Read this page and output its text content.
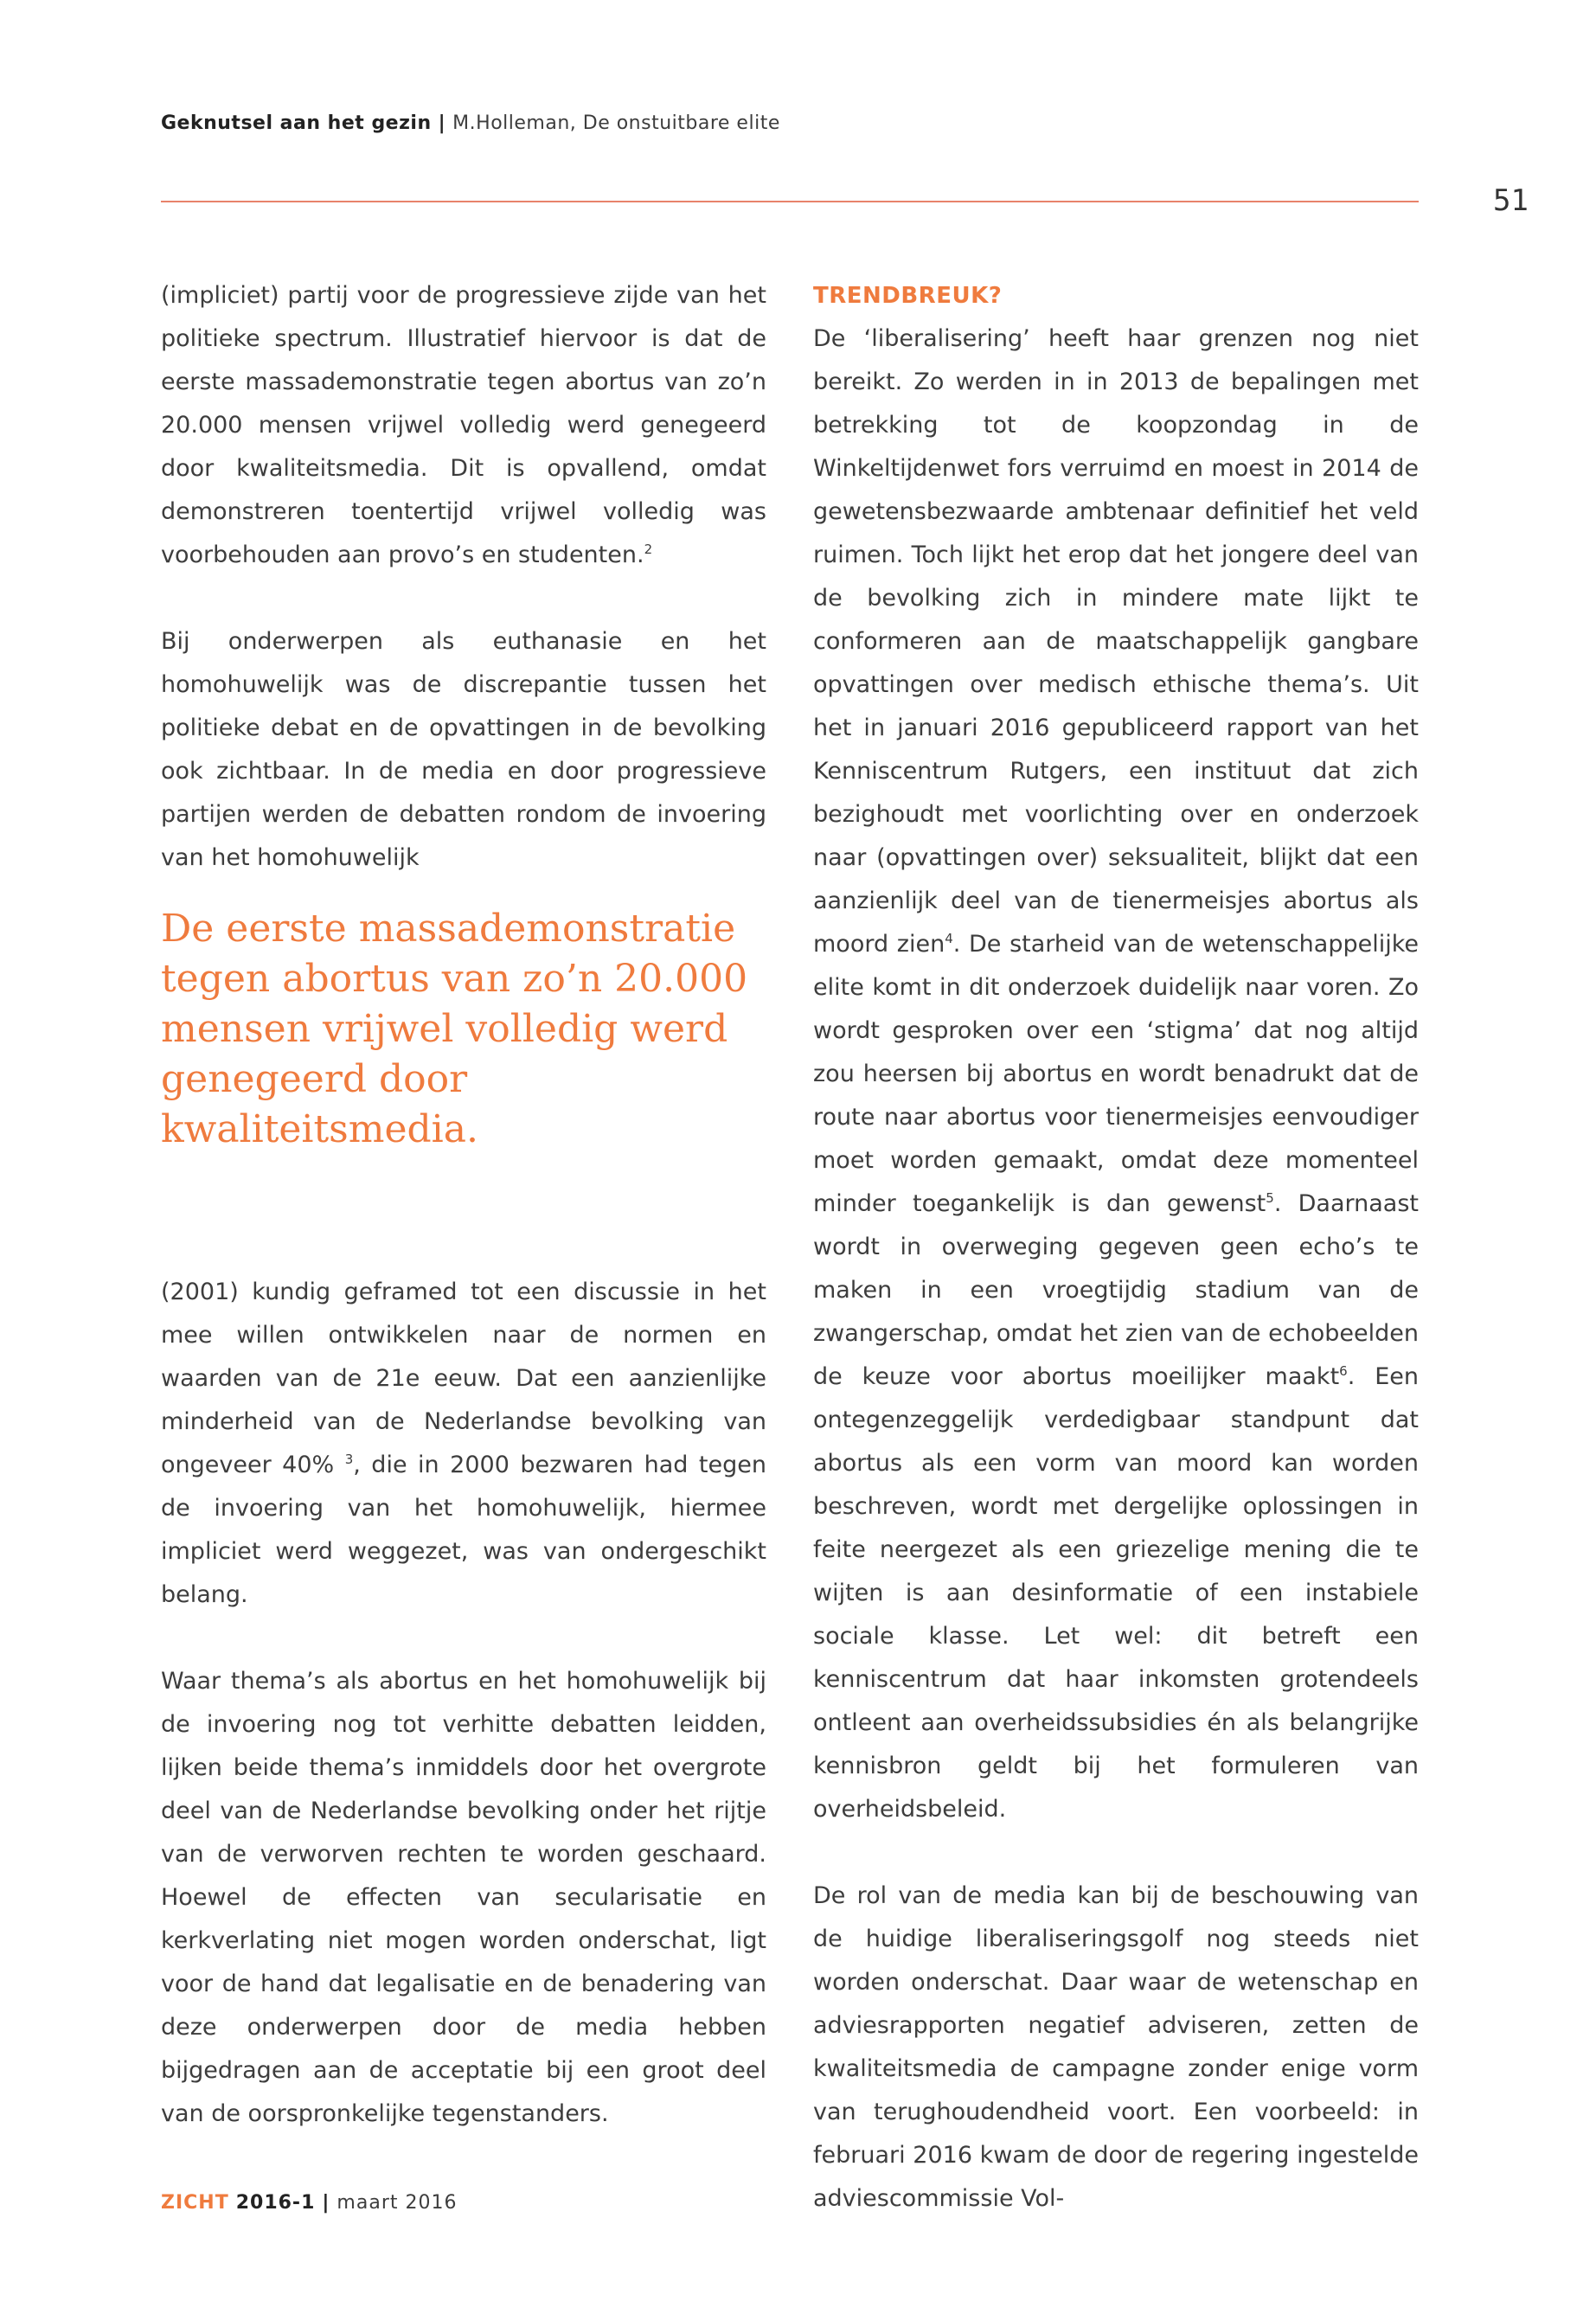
Geknutsel aan het gezin | M.Holleman, De onstuitbare elite
51

(impliciet) partij voor de progressieve zijde van het politieke spectrum. Illustratief hiervoor is dat de eerste massademonstratie tegen abortus van zo’n 20.000 mensen vrijwel volledig werd genegeerd door kwaliteitsmedia. Dit is opvallend, omdat demonstreren toentertijd vrijwel volledig was voorbehouden aan provo’s en studenten.$^2$

Bij onderwerpen als euthanasie en het homohuwelijk was de discrepantie tussen het politieke debat en de opvattingen in de bevolking ook zichtbaar. In de media en door progressieve partijen werden de debatten rondom de invoering van het homohuwelijk

De eerste massademonstratie tegen abortus van zo’n 20.000 mensen vrijwel volledig werd genegeerd door kwaliteitsmedia.

(2001) kundig geframed tot een discussie in het mee willen ontwikkelen naar de normen en waarden van de 21e eeuw. Dat een aanzienlijke minderheid van de Nederlandse bevolking van ongeveer 40% $^3$, die in 2000 bezwaren had tegen de invoering van het homohuwelijk, hiermee impliciet werd weggezet, was van ondergeschikt belang.

Waar thema’s als abortus en het homohuwelijk bij de invoering nog tot verhitte debatten leidden, lijken beide thema’s inmiddels door het overgrote deel van de Nederlandse bevolking onder het rijtje van de verworven rechten te worden geschaard. Hoewel de effecten van secularisatie en kerkverlating niet mogen worden onderschat, ligt voor de hand dat legalisatie en de benadering van deze onderwerpen door de media hebben bijgedragen aan de acceptatie bij een groot deel van de oorspronkelijke tegenstanders.

TRENDBREUK?

De ‘liberalisering’ heeft haar grenzen nog niet bereikt. Zo werden in in 2013 de bepalingen met betrekking tot de koopzondag in de Winkeltijdenwet fors verruimd en moest in 2014 de gewetensbezwaarde ambtenaar definitief het veld ruimen. Toch lijkt het erop dat het jongere deel van de bevolking zich in mindere mate lijkt te conformeren aan de maatschappelijk gangbare opvattingen over medisch ethische thema’s. Uit het in januari 2016 gepubliceerd rapport van het Kenniscentrum Rutgers, een instituut dat zich bezighoudt met voorlichting over en onderzoek naar (opvattingen over) seksualiteit, blijkt dat een aanzienlijk deel van de tienermeisjes abortus als moord zien$^4$. De starheid van de wetenschappelijke elite komt in dit onderzoek duidelijk naar voren. Zo wordt gesproken over een ‘stigma’ dat nog altijd zou heersen bij abortus en wordt benadrukt dat de route naar abortus voor tienermeisjes eenvoudiger moet worden gemaakt, omdat deze momenteel minder toegankelijk is dan gewenst$^5$. Daarnaast wordt in overweging gegeven geen echo’s te maken in een vroegtijdig stadium van de zwangerschap, omdat het zien van de echobeelden de keuze voor abortus moeilijker maakt$^6$. Een ontegenzeggelijk verdedigbaar standpunt dat abortus als een vorm van moord kan worden beschreven, wordt met dergelijke oplossingen in feite neergezet als een griezelige mening die te wijten is aan desinformatie of een instabiele sociale klasse. Let wel: dit betreft een kenniscentrum dat haar inkomsten grotendeels ontleent aan overheidssubsidies én als belangrijke kennisbron geldt bij het formuleren van overheidsbeleid.

De rol van de media kan bij de beschouwing van de huidige liberaliseringsgolf nog steeds niet worden onderschat. Daar waar de wetenschap en adviesrapporten negatief adviseren, zetten de kwaliteitsmedia de campagne zonder enige vorm van terughoudendheid voort. Een voorbeeld: in februari 2016 kwam de door de regering ingestelde adviescommissie Vol-

ZICHT 2016-1 | maart 2016
